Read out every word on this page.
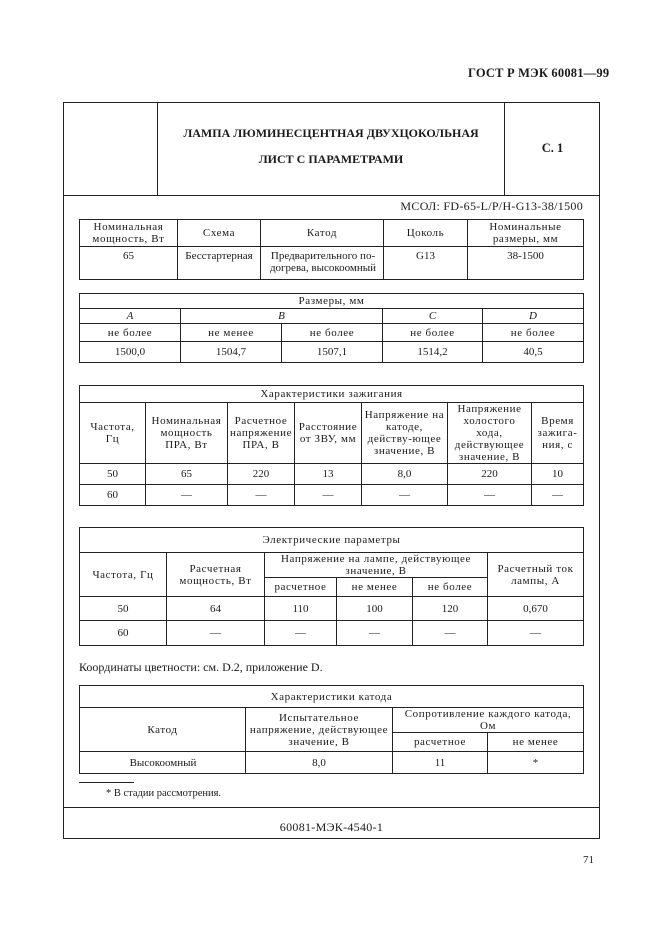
ГОСТ Р МЭК 60081—99
ЛАМПА ЛЮМИНЕСЦЕНТНАЯ ДВУХЦОКОЛЬНАЯ
ЛИСТ С ПАРАМЕТРАМИ
С. 1
МСОЛ: FD-65-L/P/H-G13-38/1500
Номинальная мощность, Вт	Схема	Катод	Цоколь	Номинальные размеры, мм
65	Бесстартерная	Предварительного по-догрева, высокоомный	G13	38-1500
Размеры, мм				
A	B		C	D
не более	не менее	не более	не более	не более
1500,0	1504,7	1507,1	1514,2	40,5
Характеристики зажигания						
Частота, Гц	Номинальная мощность ПРА, Вт	Расчетное напряжение ПРА, В	Расстояние от ЗВУ, мм	Напряжение на катоде, действу-ющее значение, В	Напряжение холостого хода, действующее значение, В	Время зажига-ния, с
50	65	220	13	8,0	220	10
60	—	—	—	—	—	—
Электрические параметры					
Частота, Гц	Расчетная мощность, Вт	Напряжение на лампе, действующее значение, В			Расчетный ток лампы, А
		расчетное	не менее	не более	
50	64	110	100	120	0,670
60	—	—	—	—	—
Координаты цветности: см. D.2, приложение D.
Характеристики катода			
Катод	Испытательное напряжение, действующее значение, В	Сопротивление каждого катода, Ом	
		расчетное	не менее
Высокоомный	8,0	11	*
* В стадии рассмотрения.
60081-МЭК-4540-1
71
